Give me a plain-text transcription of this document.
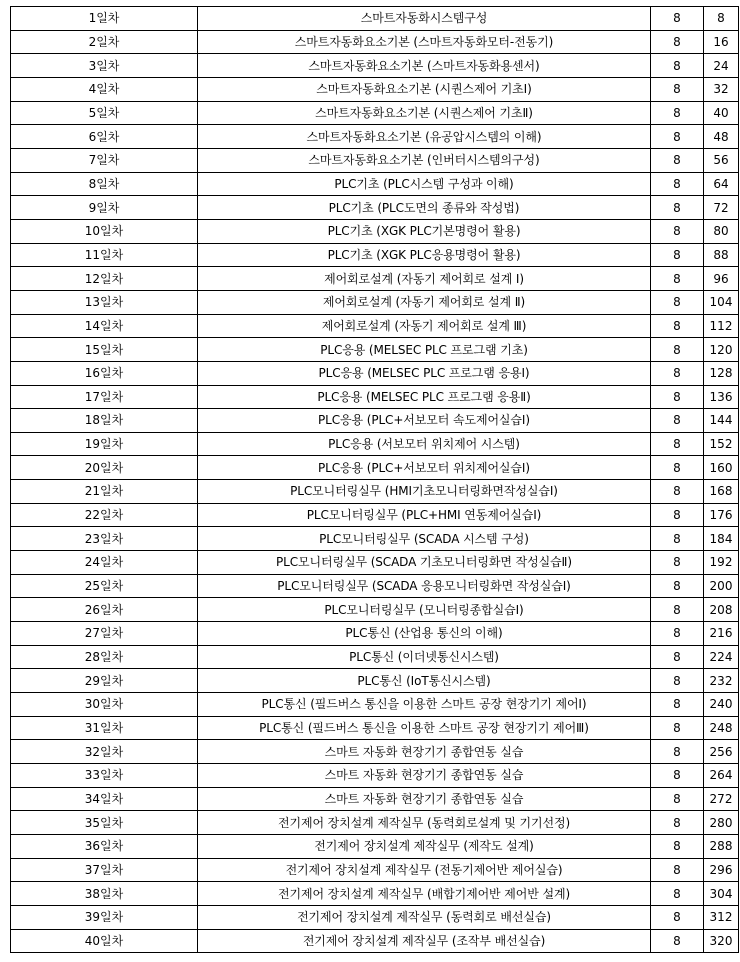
1일차	스마트자동화시스템구성	8	8
2일차	스마트자동화요소기본 (스마트자동화모터-전동기)	8	16
3일차	스마트자동화요소기본 (스마트자동화용센서)	8	24
4일차	스마트자동화요소기본 (시퀀스제어 기초Ⅰ)	8	32
5일차	스마트자동화요소기본 (시퀀스제어 기초Ⅱ)	8	40
6일차	스마트자동화요소기본 (유공압시스템의 이해)	8	48
7일차	스마트자동화요소기본 (인버터시스템의구성)	8	56
8일차	PLC기초 (PLC시스템 구성과 이해)	8	64
9일차	PLC기초 (PLC도면의 종류와 작성법)	8	72
10일차	PLC기초 (XGK PLC기본명령어 활용)	8	80
11일차	PLC기초 (XGK PLC응용명령어 활용)	8	88
12일차	제어회로설계 (자동기 제어회로 설계 Ⅰ)	8	96
13일차	제어회로설계 (자동기 제어회로 설계 Ⅱ)	8	104
14일차	제어회로설계 (자동기 제어회로 설계 Ⅲ)	8	112
15일차	PLC응용 (MELSEC PLC 프로그램 기초)	8	120
16일차	PLC응용 (MELSEC PLC 프로그램 응용Ⅰ)	8	128
17일차	PLC응용 (MELSEC PLC 프로그램 응용Ⅱ)	8	136
18일차	PLC응용 (PLC+서보모터 속도제어실습Ⅰ)	8	144
19일차	PLC응용 (서보모터 위치제어 시스템)	8	152
20일차	PLC응용 (PLC+서보모터 위치제어실습Ⅰ)	8	160
21일차	PLC모니터링실무 (HMI기초모니터링화면작성실습Ⅰ)	8	168
22일차	PLC모니터링실무 (PLC+HMI 연동제어실습Ⅰ)	8	176
23일차	PLC모니터링실무 (SCADA 시스템 구성)	8	184
24일차	PLC모니터링실무 (SCADA 기초모니터링화면 작성실습Ⅱ)	8	192
25일차	PLC모니터링실무 (SCADA 응용모니터링화면 작성실습Ⅰ)	8	200
26일차	PLC모니터링실무 (모니터링종합실습Ⅰ)	8	208
27일차	PLC통신 (산업용 통신의 이해)	8	216
28일차	PLC통신 (이더넷통신시스템)	8	224
29일차	PLC통신 (IoT통신시스템)	8	232
30일차	PLC통신 (필드버스 통신을 이용한 스마트 공장 현장기기 제어Ⅰ)	8	240
31일차	PLC통신 (필드버스 통신을 이용한 스마트 공장 현장기기 제어Ⅲ)	8	248
32일차	스마트 자동화 현장기기 종합연동 실습	8	256
33일차	스마트 자동화 현장기기 종합연동 실습	8	264
34일차	스마트 자동화 현장기기 종합연동 실습	8	272
35일차	전기제어 장치설계 제작실무 (동력회로설계 및 기기선정)	8	280
36일차	전기제어 장치설계 제작실무 (제작도 설계)	8	288
37일차	전기제어 장치설계 제작실무 (전동기제어반 제어실습)	8	296
38일차	전기제어 장치설계 제작실무 (배합기제어반 제어반 설계)	8	304
39일차	전기제어 장치설계 제작실무 (동력회로 배선실습)	8	312
40일차	전기제어 장치설계 제작실무 (조작부 배선실습)	8	320
